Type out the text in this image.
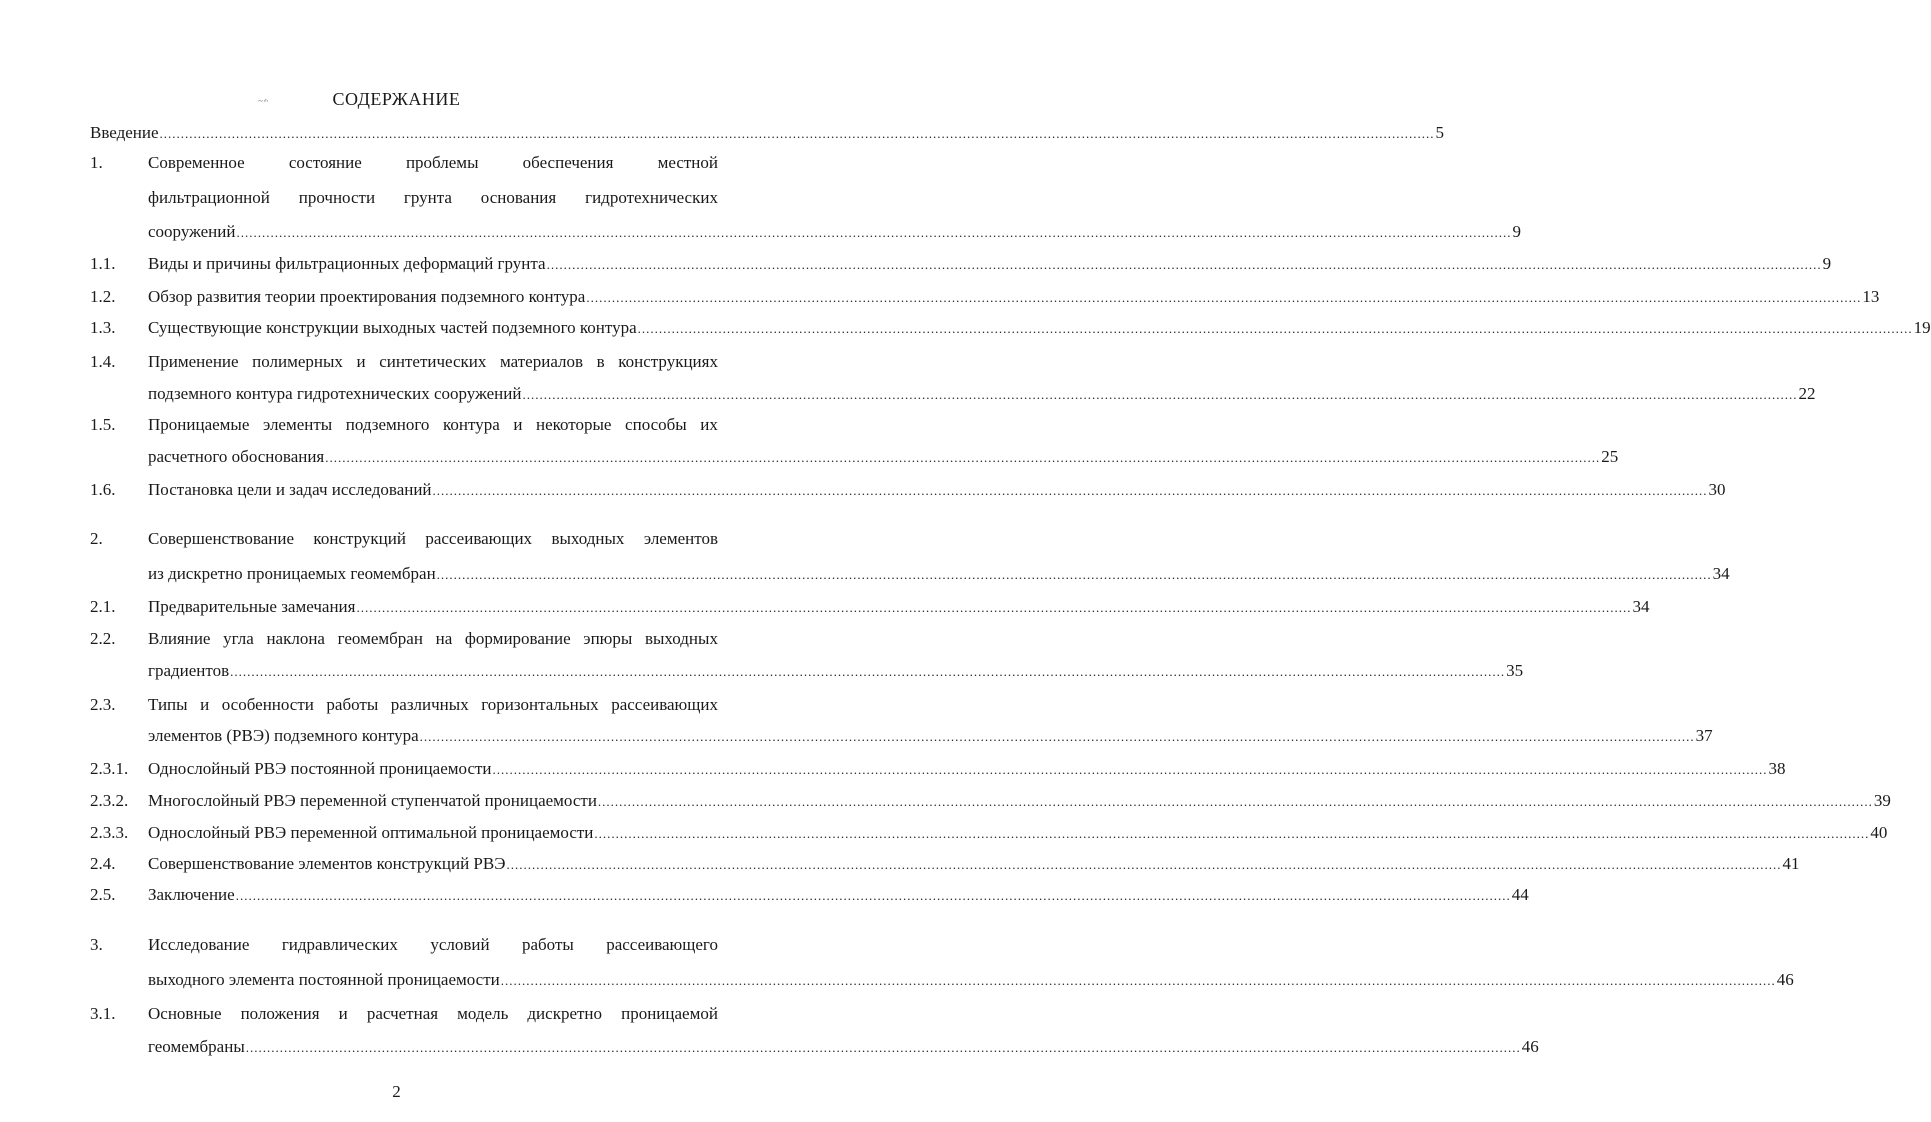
~·ͬ·	СОДЕРЖАНИЕ
Введение ............................................................................................................................................................................................................................................................................................................ 5
1.	Современное	состояние	проблемы	обеспечения	местной
фильтрационной прочности грунта основания гидротехнических
сооружений ............................................................................................................................................................................................................................................................................................................ 9
1.1. Виды и причины фильтрационных деформаций грунта ............................................................................................................................................................................................................................................................................................................ 9
1.2. Обзор развития теории проектирования подземного контура ............................................................................................................................................................................................................................................................................................................ 13
1.3. Существующие конструкции выходных частей подземного контура ............................................................................................................................................................................................................................................................................................................ 19
1.4. Применение полимерных и синтетических материалов в конструкциях
подземного контура гидротехнических сооружений ............................................................................................................................................................................................................................................................................................................ 22
1.5. Проницаемые элементы подземного контура и некоторые способы их
расчетного обоснования ............................................................................................................................................................................................................................................................................................................ 25
1.6. Постановка цели и задач исследований ............................................................................................................................................................................................................................................................................................................ 30
2.	Совершенствование конструкций рассеивающих выходных элементов
из дискретно проницаемых геомембран ............................................................................................................................................................................................................................................................................................................ 34
2.1. Предварительные замечания ............................................................................................................................................................................................................................................................................................................ 34
2.2. Влияние угла наклона геомембран на формирование эпюры выходных
градиентов ............................................................................................................................................................................................................................................................................................................ 35
2.3. Типы и особенности работы различных горизонтальных рассеивающих
элементов (РВЭ) подземного контура ............................................................................................................................................................................................................................................................................................................ 37
2.3.1. Однослойный РВЭ постоянной проницаемости ............................................................................................................................................................................................................................................................................................................ 38
2.3.2. Многослойный РВЭ переменной ступенчатой проницаемости ............................................................................................................................................................................................................................................................................................................ 39
2.3.3. Однослойный РВЭ переменной оптимальной проницаемости ............................................................................................................................................................................................................................................................................................................ 40
2.4. Совершенствование элементов конструкций РВЭ ............................................................................................................................................................................................................................................................................................................ 41
2.5. Заключение ............................................................................................................................................................................................................................................................................................................ 44
3.	Исследование гидравлических условий работы рассеивающего
выходного элемента постоянной проницаемости ............................................................................................................................................................................................................................................................................................................ 46
3.1. Основные положения и расчетная модель дискретно проницаемой
геомембраны ............................................................................................................................................................................................................................................................................................................ 46
2
